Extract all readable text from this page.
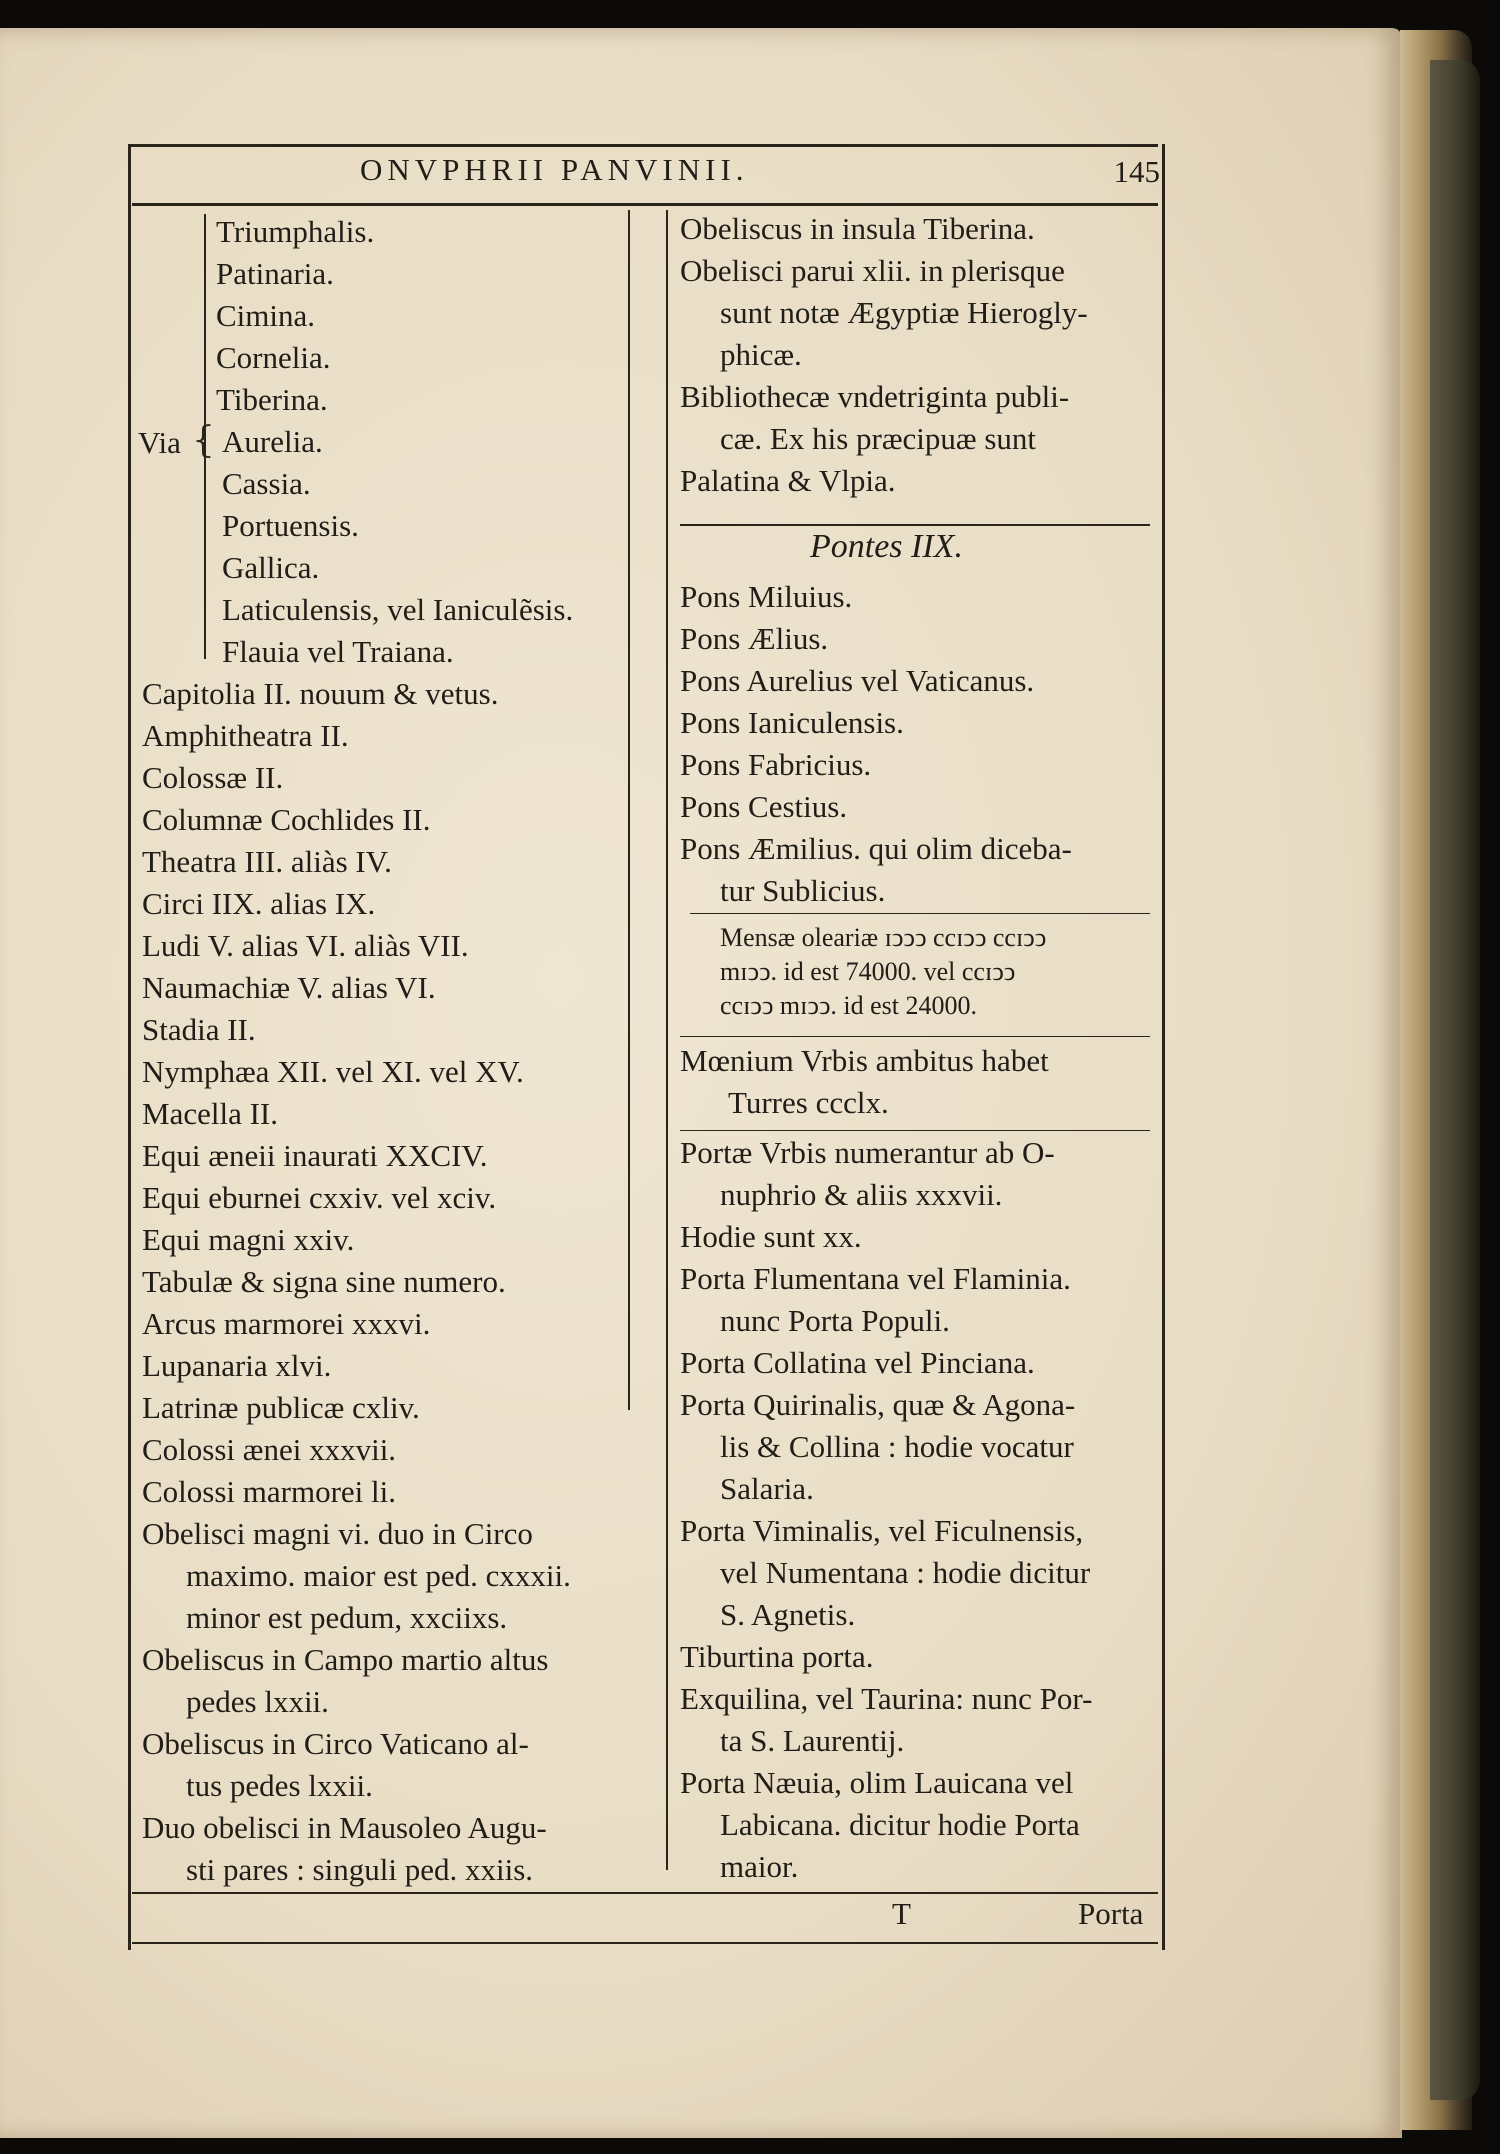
ONVPHRII PANVINII.	145
Via {
Triumphalis.
Patinaria.
Cimina.
Cornelia.
Tiberina.
Aurelia.
Cassia.
Portuensis.
Gallica.
Laticulensis, vel Ianiculẽsis.
Flauia vel Traiana.
Capitolia II. nouum & vetus.
Amphitheatra II.
Colossæ II.
Columnæ Cochlides II.
Theatra III. aliàs IV.
Circi IIX. alias IX.
Ludi V. alias VI. aliàs VII.
Naumachiæ V. alias VI.
Stadia II.
Nymphæa XII. vel XI. vel XV.
Macella II.
Equi æneii inaurati XXCIV.
Equi eburnei cxxiv. vel xciv.
Equi magni xxiv.
Tabulæ & signa sine numero.
Arcus marmorei xxxvi.
Lupanaria xlvi.
Latrinæ publicæ cxliv.
Colossi ænei xxxvii.
Colossi marmorei li.
Obelisci magni vi. duo in Circo
maximo. maior est ped. cxxxii.
minor est pedum, xxciixs.
Obeliscus in Campo martio altus
pedes lxxii.
Obeliscus in Circo Vaticano al-
tus pedes lxxii.
Duo obelisci in Mausoleo Augu-
sti pares : singuli ped. xxiis.
Obeliscus in insula Tiberina.
Obelisci parui xlii. in plerisque
sunt notæ Ægyptiæ Hierogly-
phicæ.
Bibliothecæ vndetriginta publi-
cæ. Ex his præcipuæ sunt
Palatina & Vlpia.
Pontes IIX.
Pons Miluius.
Pons Ælius.
Pons Aurelius vel Vaticanus.
Pons Ianiculensis.
Pons Fabricius.
Pons Cestius.
Pons Æmilius. qui olim diceba-
tur Sublicius.
Mensæ oleariæ ɪↄↄↄ ccɪↄↄ ccɪↄↄ
mɪↄↄ. id est 74000. vel ccɪↄↄ
ccɪↄↄ mɪↄↄ. id est 24000.
Mœnium Vrbis ambitus habet
Turres ccclx.
Portæ Vrbis numerantur ab O-
nuphrio & aliis xxxvii.
Hodie sunt xx.
Porta Flumentana vel Flaminia.
nunc Porta Populi.
Porta Collatina vel Pinciana.
Porta Quirinalis, quæ & Agona-
lis & Collina : hodie vocatur
Salaria.
Porta Viminalis, vel Ficulnensis,
vel Numentana : hodie dicitur
S. Agnetis.
Tiburtina porta.
Exquilina, vel Taurina: nunc Por-
ta S. Laurentij.
Porta Næuia, olim Lauicana vel
Labicana. dicitur hodie Porta
maior.
T	Porta
